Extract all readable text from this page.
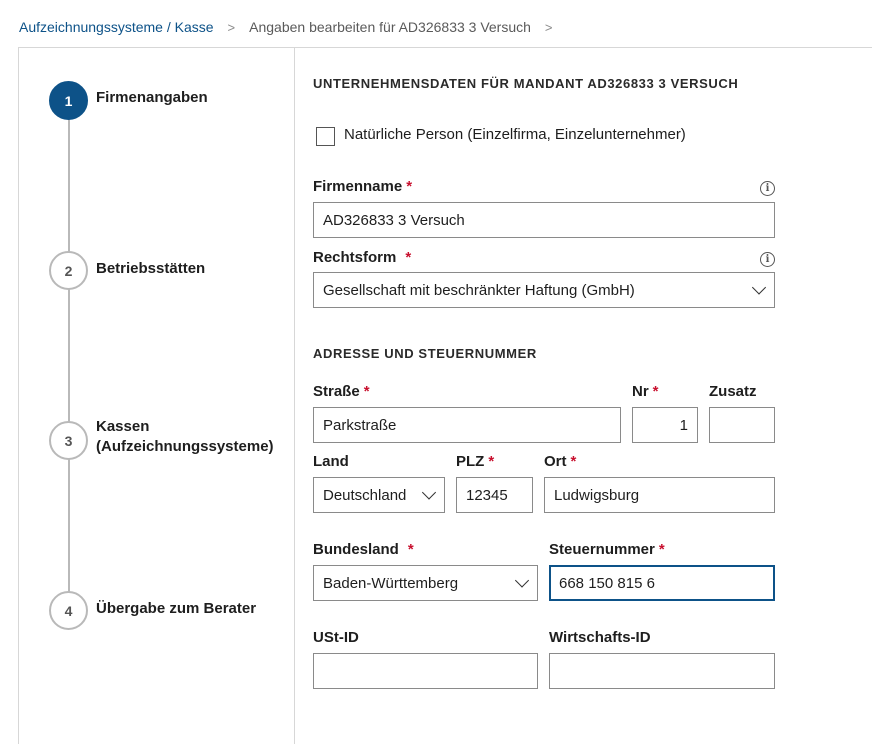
Aufzeichnungssysteme / Kasse > Angaben bearbeiten für AD326833 3 Versuch >
1	Firmenangaben
2	Betriebsstätten
3
Kassen
(Aufzeichnungssysteme)
4	Übergabe zum Berater
UNTERNEHMENSDATEN FÜR MANDANT AD326833 3 VERSUCH
Natürliche Person (Einzelfirma, Einzelunternehmer)
Firmenname *	i
AD326833 3 Versuch
Rechtsform *	i
Gesellschaft mit beschränkter Haftung (GmbH)
ADRESSE UND STEUERNUMMER
Straße *
Parkstraße
Nr *
1
Zusatz
Land
Deutschland
PLZ *
12345
Ort *
Ludwigsburg
Bundesland *
Baden-Württemberg
Steuernummer *
668 150 815 6
USt-ID	Wirtschafts-ID
